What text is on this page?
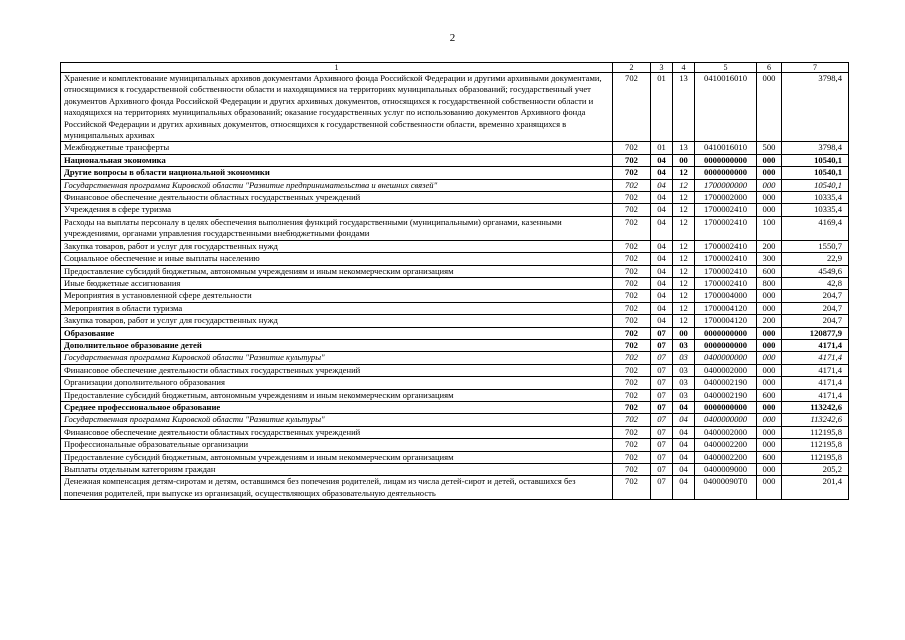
2
1	2	3	4	5	6	7
Хранение и комплектование муниципальных архивов документами Архивного фонда Российской Федерации и другими архивными документами, относящимися к государственной собственности области и находящимися на территориях муниципальных образований; государственный учет документов Архивного фонда Российской Федерации и других архивных документов, относящихся к государственной собственности области и находящихся на территориях муниципальных образований; оказание государственных услуг по использованию документов Архивного фонда Российской Федерации и других архивных документов, относящихся к государственной собственности области, временно хранящихся в муниципальных архивах	702	01	13	0410016010	000	3798,4
Межбюджетные трансферты	702	01	13	0410016010	500	3798,4
Национальная экономика	702	04	00	0000000000	000	10540,1
Другие вопросы в области национальной экономики	702	04	12	0000000000	000	10540,1
Государственная программа Кировской области "Развитие предпринимательства и внешних связей"	702	04	12	1700000000	000	10540,1
Финансовое обеспечение деятельности областных государственных учреждений	702	04	12	1700002000	000	10335,4
Учреждения в сфере туризма	702	04	12	1700002410	000	10335,4
Расходы на выплаты персоналу в целях обеспечения выполнения функций государственными (муниципальными) органами, казенными учреждениями, органами управления государственными внебюджетными фондами	702	04	12	1700002410	100	4169,4
Закупка товаров, работ и услуг для государственных нужд	702	04	12	1700002410	200	1550,7
Социальное обеспечение и иные выплаты населению	702	04	12	1700002410	300	22,9
Предоставление субсидий бюджетным, автономным учреждениям и иным некоммерческим организациям	702	04	12	1700002410	600	4549,6
Иные бюджетные ассигнования	702	04	12	1700002410	800	42,8
Мероприятия в установленной сфере деятельности	702	04	12	1700004000	000	204,7
Мероприятия в области туризма	702	04	12	1700004120	000	204,7
Закупка товаров, работ и услуг для государственных нужд	702	04	12	1700004120	200	204,7
Образование	702	07	00	0000000000	000	120877,9
Дополнительное образование детей	702	07	03	0000000000	000	4171,4
Государственная программа Кировской области "Развитие культуры"	702	07	03	0400000000	000	4171,4
Финансовое обеспечение деятельности областных государственных учреждений	702	07	03	0400002000	000	4171,4
Организации дополнительного образования	702	07	03	0400002190	000	4171,4
Предоставление субсидий бюджетным, автономным учреждениям и иным некоммерческим организациям	702	07	03	0400002190	600	4171,4
Среднее профессиональное образование	702	07	04	0000000000	000	113242,6
Государственная программа Кировской области "Развитие культуры"	702	07	04	0400000000	000	113242,6
Финансовое обеспечение деятельности областных государственных учреждений	702	07	04	0400002000	000	112195,8
Профессиональные образовательные организации	702	07	04	0400002200	000	112195,8
Предоставление субсидий бюджетным, автономным учреждениям и иным некоммерческим организациям	702	07	04	0400002200	600	112195,8
Выплаты отдельным категориям граждан	702	07	04	0400009000	000	205,2
Денежная компенсация детям-сиротам и детям, оставшимся без попечения родителей, лицам из числа детей-сирот и детей, оставшихся без попечения родителей, при выпуске из организаций, осуществляющих образовательную деятельность	702	07	04	04000090Т0	000	201,4
